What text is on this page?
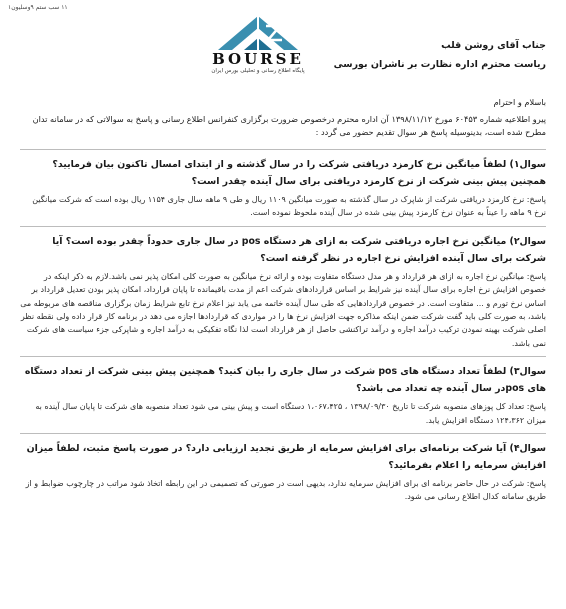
۱۱ سب ستم ۹وسلیون۱
BOURSE
پایگاه اطلاع رسانی و تحلیلی بورس ایران
جناب آقای روشن قلب
ریاست محترم اداره نظارت بر ناشران بورسی

باسلام و احترام

پیرو اطلاعیه شماره ۶۰۴۵۳ مورخ ۱۳۹۸/۱۱/۱۲ آن اداره محترم درخصوص ضرورت برگزاری کنفرانس اطلاع رسانی و پاسخ به سوالاتی که در سامانه تدان مطرح شده است، بدینوسیله پاسخ هر سوال تقدیم حضور می گردد :

سوال۱) لطفاً میانگین نرخ کارمزد دریافتی شرکت را در سال گذشته و از ابتدای امسال تاکنون بیان فرمایید؟ همچنین پیش بینی شرکت از نرخ کارمزد دریافتی برای سال آینده چقدر است؟

پاسخ: نرخ کارمزد دریافتی شرکت از شاپرک در سال گذشته به صورت میانگین ۱۱۰۹ ریال و طی ۹ ماهه سال جاری ۱۱۵۴ ریال بوده است که شرکت میانگین نرخ ۹ ماهه را عیناً به عنوان نرخ کارمزد پیش بینی شده در سال آینده ملحوظ نموده است.

سوال۲) میانگین نرخ اجاره دریافتی شرکت به ازای هر دستگاه pos در سال جاری حدوداً چقدر بوده است؟ آیا شرکت برای سال آینده افزایش نرخ اجاره در نظر گرفته است؟

پاسخ: میانگین نرخ اجاره به ازای هر قرارداد و هر مدل دستگاه متفاوت بوده و ارائه نرخ میانگین به صورت کلی امکان پذیر نمی باشد.لازم به ذکر اینکه در خصوص افزایش نرخ اجاره برای سال آینده نیز شرایط بر اساس قراردادهای شرکت اعم از مدت باقیمانده تا پایان قرارداد، امکان پذیر بودن تعدیل قرارداد بر اساس نرخ تورم و ... متفاوت است. در خصوص قراردادهایی که طی سال آینده خاتمه می یابد نیز اعلام نرخ تابع شرایط زمان برگزاری مناقصه های مربوطه می باشد، به صورت کلی باید گفت شرکت ضمن اینکه مذاکره جهت افزایش نرخ ها را در مواردی که قراردادها اجازه می دهد در برنامه کار قرار داده ولی نقطه نظر اصلی شرکت بهینه نمودن ترکیب درآمد اجاره و درآمد تراکنشی حاصل از هر قرارداد است لذا نگاه تفکیکی به درآمد اجاره و شاپرکی جزء سیاست های شرکت نمی باشد.

سوال۳) لطفاً تعداد دستگاه های pos شرکت در سال جاری را بیان کنید؟ همچنین پیش بینی شرکت از تعداد دستگاه های posدر سال آینده چه تعداد می باشد؟

پاسخ: تعداد کل پوزهای منصوبه شرکت تا تاریخ ۱۳۹۸/۰۹/۳۰ ، ۱،۰۶۷،۴۲۵ دستگاه است و پیش بینی می شود تعداد منصوبه های شرکت تا پایان سال آینده به میزان ۱۲۴،۳۶۲ دستگاه افزایش یابد.

سوال۴) آیا شرکت برنامه‌ای برای افزایش سرمایه از طریق تجدید ارزیابی دارد؟ در صورت پاسخ مثبت، لطفاً میزان افزایش سرمایه را اعلام بفرمائید؟

پاسخ: شرکت در حال حاضر برنامه ای برای افزایش سرمایه ندارد، بدیهی است در صورتی که تصمیمی در این رابطه اتخاذ شود مراتب در چارچوب ضوابط و از طریق سامانه کدال اطلاع رسانی می شود.
